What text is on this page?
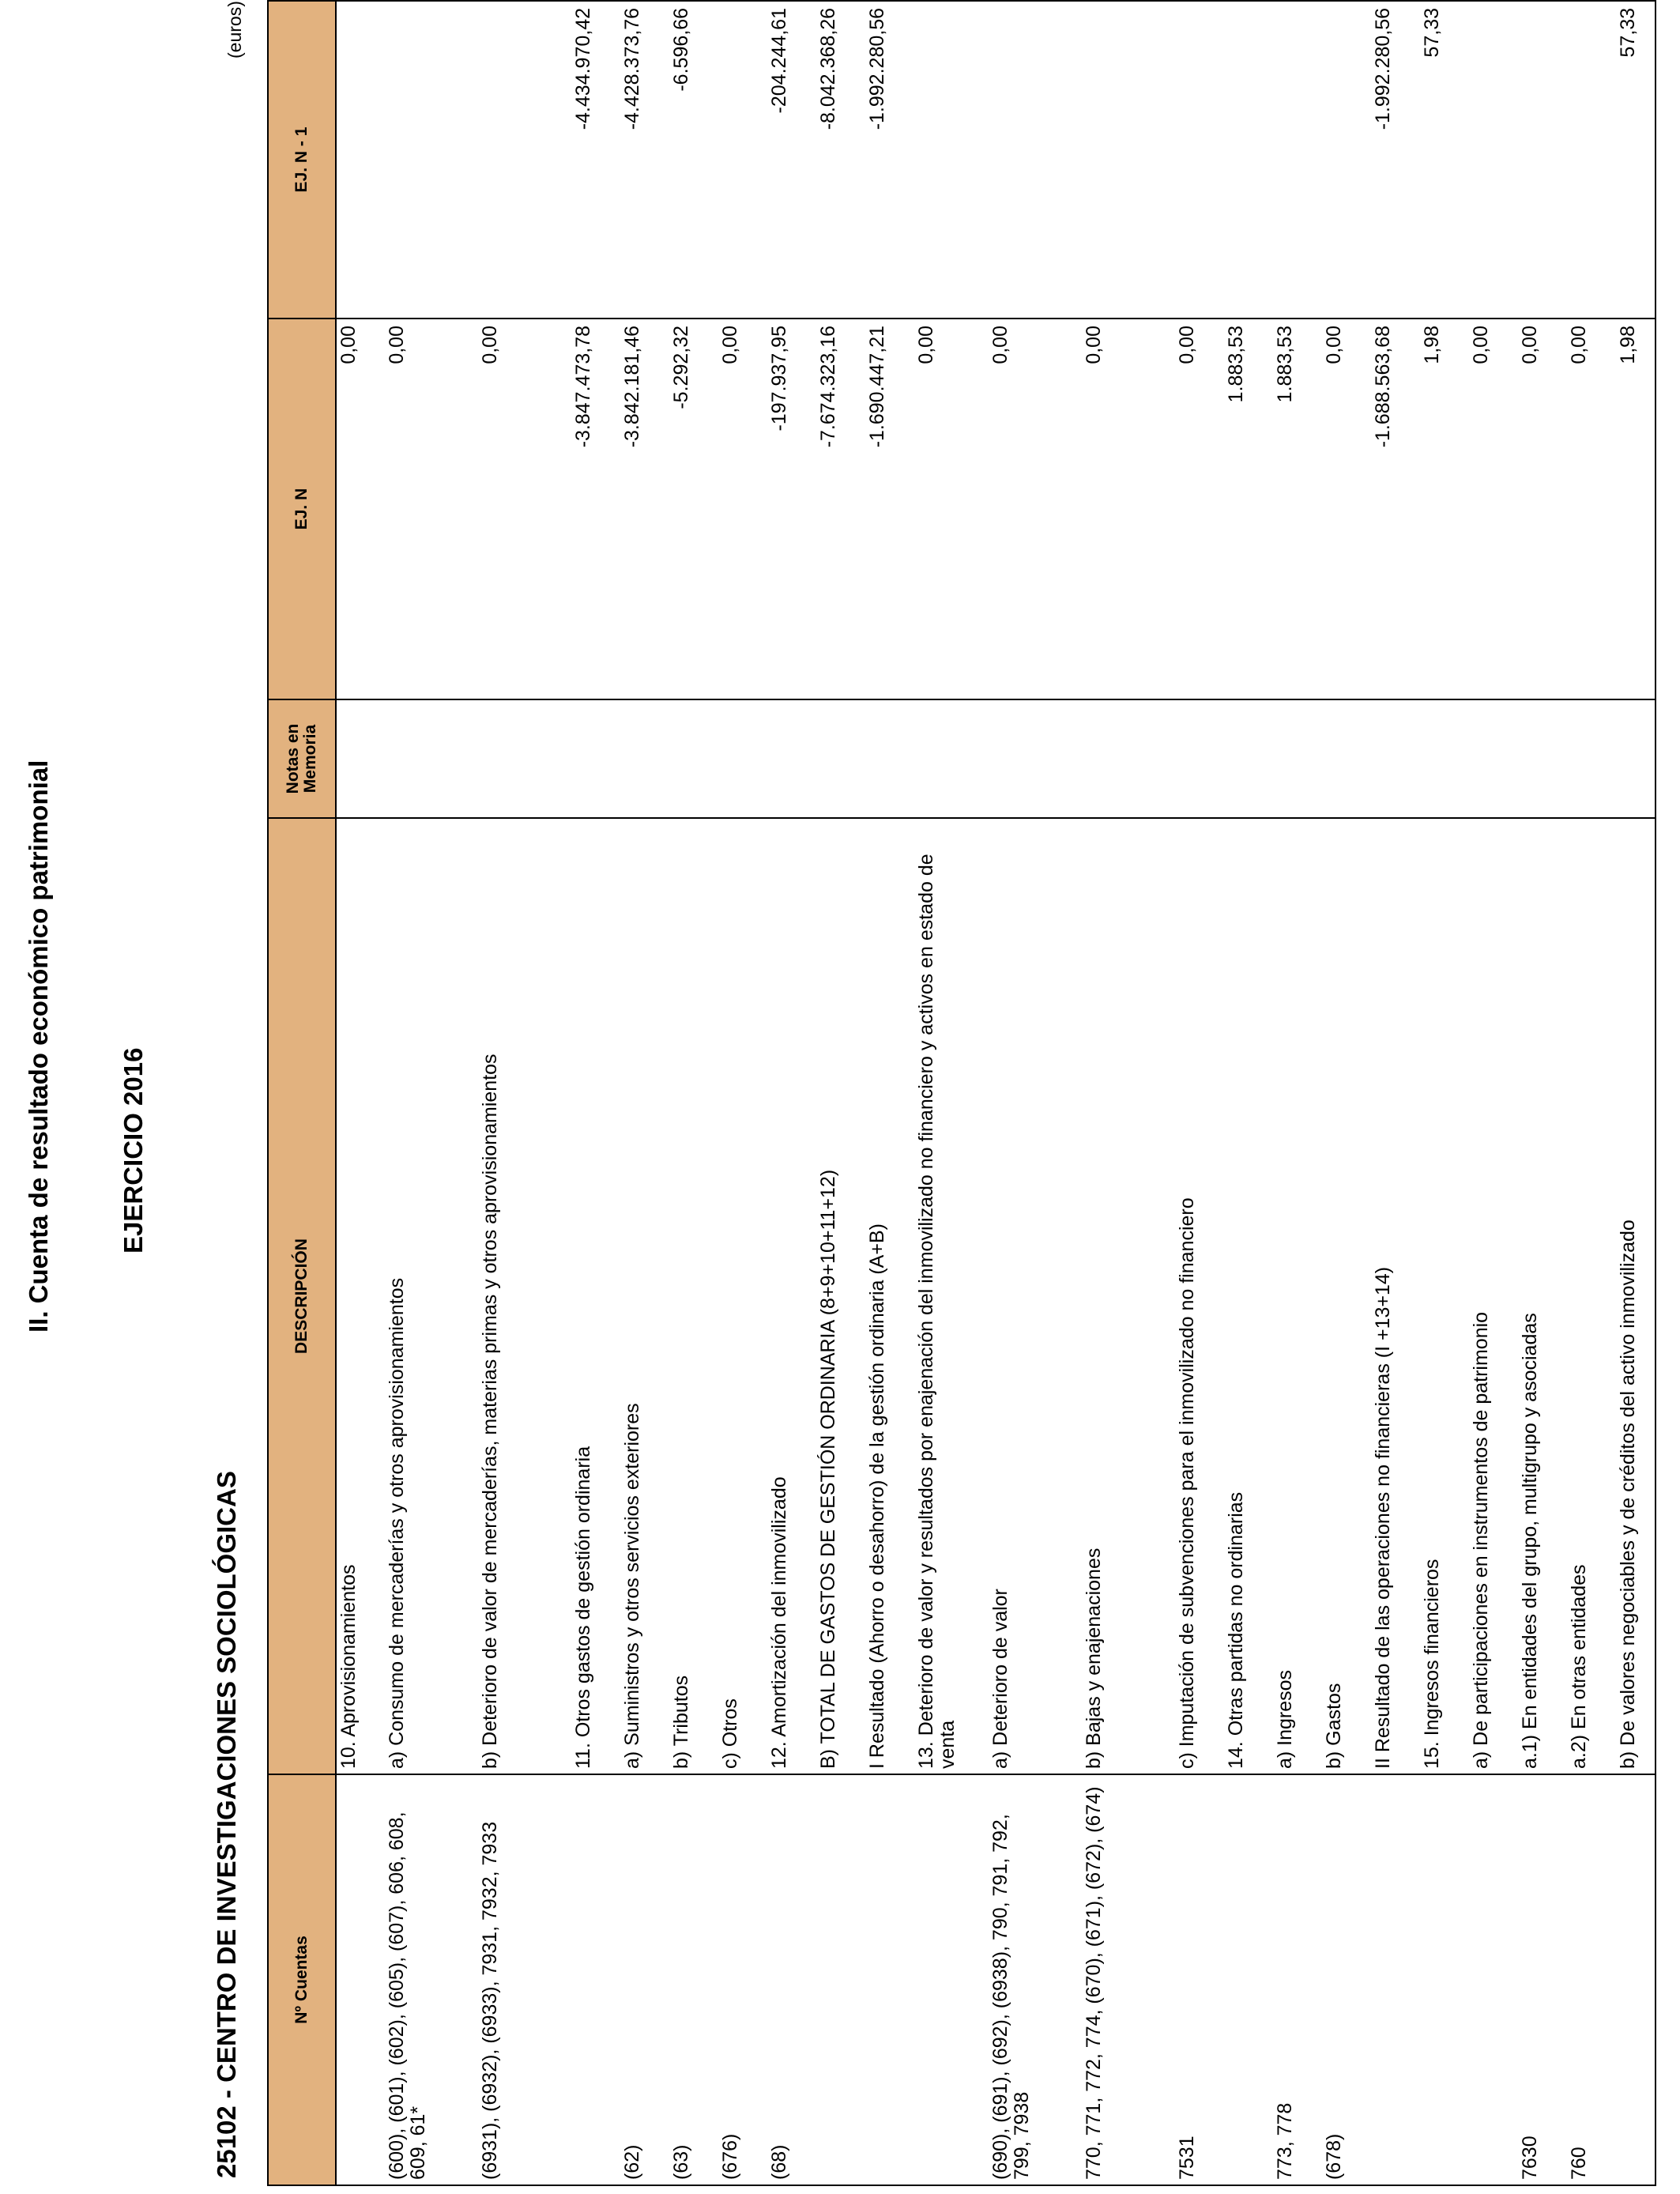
II. Cuenta de resultado económico patrimonial	EJERCICIO 2016
25102 - CENTRO DE INVESTIGACIONES SOCIOLÓGICAS
(euros)
Nº Cuentas	DESCRIPCIÓN	Notas en Memoria	EJ. N	EJ. N - 1
	10. Aprovisionamientos		0,00	
(600), (601), (602), (605), (607), 606, 608, 609, 61*	a) Consumo de mercaderías y otros aprovisionamientos		0,00	
(6931), (6932), (6933), 7931, 7932, 7933	b) Deterioro de valor de mercaderías, materias primas y otros aprovisionamientos		0,00	
	11. Otros gastos de gestión ordinaria		-3.847.473,78	-4.434.970,42
(62)	a) Suministros y otros servicios exteriores		-3.842.181,46	-4.428.373,76
(63)	b) Tributos		-5.292,32	-6.596,66
(676)	c) Otros		0,00	
(68)	12. Amortización del inmovilizado		-197.937,95	-204.244,61
	B) TOTAL DE GASTOS DE GESTIÓN ORDINARIA (8+9+10+11+12)		-7.674.323,16	-8.042.368,26
	I Resultado (Ahorro o desahorro) de la gestión ordinaria (A+B)		-1.690.447,21	-1.992.280,56
	13. Deterioro de valor y resultados por enajenación del inmovilizado no financiero y activos en estado de venta		0,00	
(690), (691), (692), (6938), 790, 791, 792, 799, 7938	a) Deterioro de valor		0,00	
770, 771, 772, 774, (670), (671), (672), (674)	b) Bajas y enajenaciones		0,00	
7531	c) Imputación de subvenciones para el inmovilizado no financiero		0,00	
	14. Otras partidas no ordinarias		1.883,53	
773, 778	a) Ingresos		1.883,53	
(678)	b) Gastos		0,00	
	II Resultado de las operaciones no financieras (I +13+14)		-1.688.563,68	-1.992.280,56
	15. Ingresos financieros		1,98	57,33
	a) De participaciones en instrumentos de patrimonio		0,00	
7630	a.1) En entidades del grupo, multigrupo y asociadas		0,00	
760	a.2) En otras entidades		0,00	
	b) De valores negociables y de créditos del activo inmovilizado		1,98	57,33
